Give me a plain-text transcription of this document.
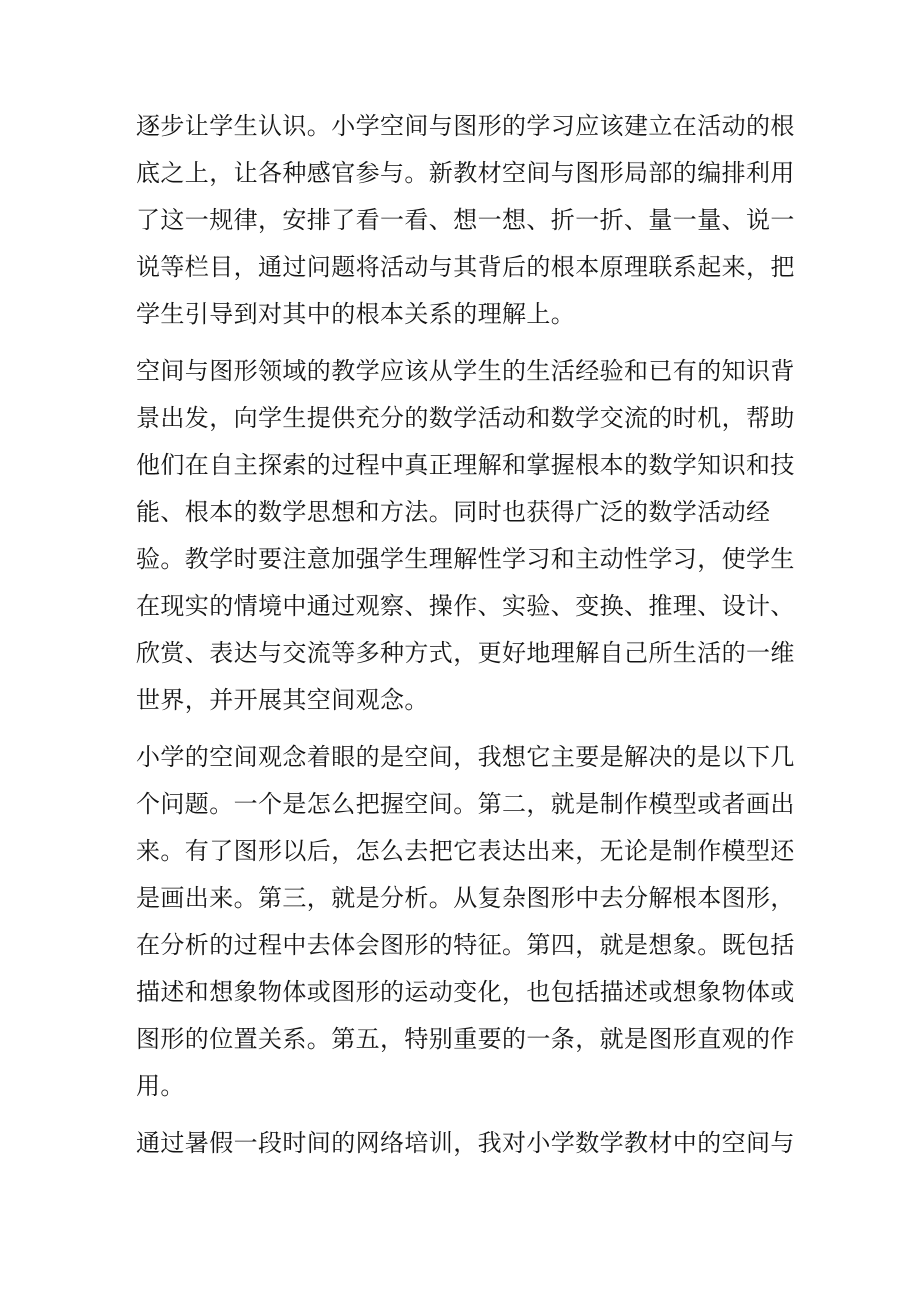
逐步让学生认识。小学空间与图形的学习应该建立在活动的根
底之上，让各种感官参与。新教材空间与图形局部的编排利用
了这一规律，安排了看一看、想一想、折一折、量一量、说一
说等栏目，通过问题将活动与其背后的根本原理联系起来，把
学生引导到对其中的根本关系的理解上。
空间与图形领域的教学应该从学生的生活经验和已有的知识背
景出发，向学生提供充分的数学活动和数学交流的时机，帮助
他们在自主探索的过程中真正理解和掌握根本的数学知识和技
能、根本的数学思想和方法。同时也获得广泛的数学活动经
验。教学时要注意加强学生理解性学习和主动性学习，使学生
在现实的情境中通过观察、操作、实验、变换、推理、设计、
欣赏、表达与交流等多种方式，更好地理解自己所生活的一维
世界，并开展其空间观念。
小学的空间观念着眼的是空间，我想它主要是解决的是以下几
个问题。一个是怎么把握空间。第二，就是制作模型或者画出
来。有了图形以后，怎么去把它表达出来，无论是制作模型还
是画出来。第三，就是分析。从复杂图形中去分解根本图形，
在分析的过程中去体会图形的特征。第四，就是想象。既包括
描述和想象物体或图形的运动变化，也包括描述或想象物体或
图形的位置关系。第五，特别重要的一条，就是图形直观的作
用。
通过暑假一段时间的网络培训，我对小学数学教材中的空间与
